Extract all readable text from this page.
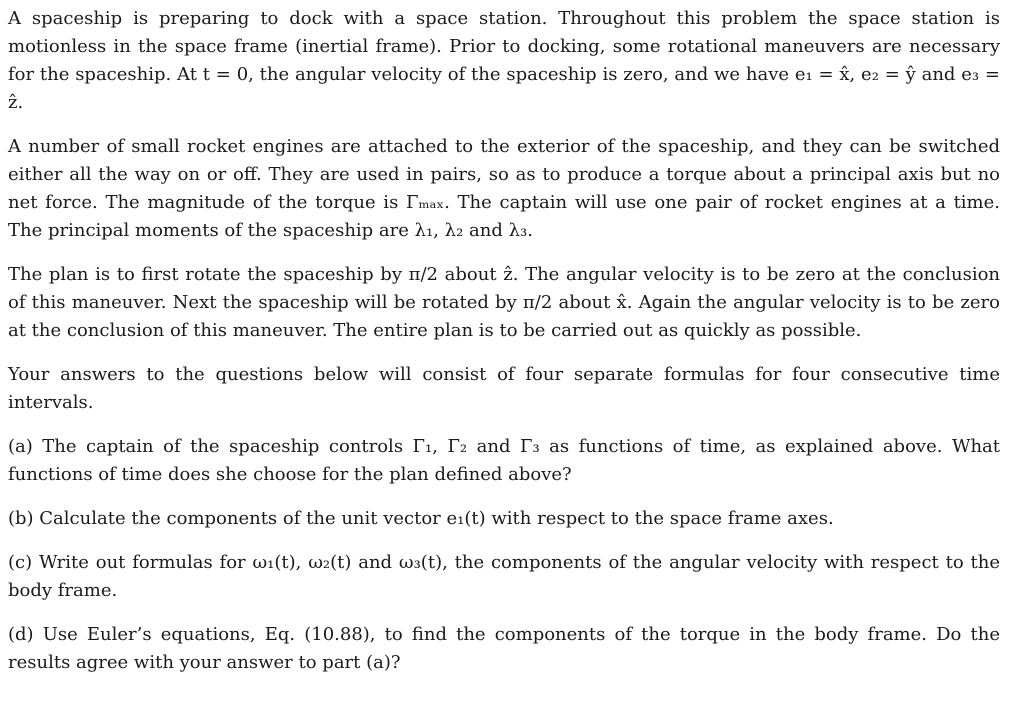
A spaceship is preparing to dock with a space station. Throughout this problem the space station is motionless in the space frame (inertial frame). Prior to docking, some rotational maneuvers are necessary for the spaceship. At t = 0, the angular velocity of the spaceship is zero, and we have e₁ = x̂, e₂ = ŷ and e₃ = ẑ.

A number of small rocket engines are attached to the exterior of the spaceship, and they can be switched either all the way on or off. They are used in pairs, so as to produce a torque about a principal axis but no net force. The magnitude of the torque is Γₘₐₓ. The captain will use one pair of rocket engines at a time. The principal moments of the spaceship are λ₁, λ₂ and λ₃.

The plan is to first rotate the spaceship by π/2 about ẑ. The angular velocity is to be zero at the conclusion of this maneuver. Next the spaceship will be rotated by π/2 about x̂. Again the angular velocity is to be zero at the conclusion of this maneuver. The entire plan is to be carried out as quickly as possible.

Your answers to the questions below will consist of four separate formulas for four consecutive time intervals.

(a) The captain of the spaceship controls Γ₁, Γ₂ and Γ₃ as functions of time, as explained above. What functions of time does she choose for the plan defined above?

(b) Calculate the components of the unit vector e₁(t) with respect to the space frame axes.

(c) Write out formulas for ω₁(t), ω₂(t) and ω₃(t), the components of the angular velocity with respect to the body frame.

(d) Use Euler’s equations, Eq. (10.88), to find the components of the torque in the body frame. Do the results agree with your answer to part (a)?
